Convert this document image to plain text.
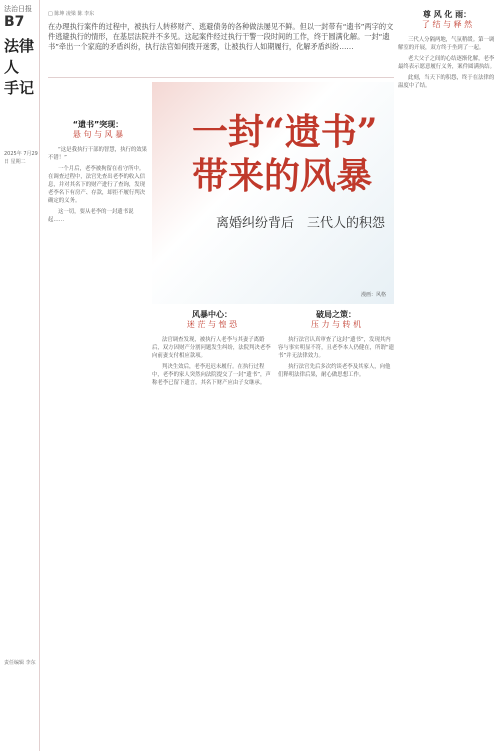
法治日报
B7
法律人
手记
2025年 7月29日 星期二
责任编辑 李东
□ 陈坤 凌梁 陈 李东
在办理执行案件的过程中，被执行人转移财产、逃避债务的各种做法屡见不鲜。但以一封带有“遗书”两字的文件逃避执行的情形，在基层法院并不多见。这起案件经过执行干警一段时间的工作，终于圆满化解。一封“遗书”牵出一个家庭的矛盾纠纷，执行法官如何拨开迷雾，让被执行人如期履行，化解矛盾纠纷……
“遗书”突现：
悬 句 与 风 暴

“这是我执行干部的智慧，执行的效果不错！”

一个月后，老李被拘留在看守所中。在调查过程中，法官先查出老李的收入信息，并对其名下的财产进行了查询，发现老李名下有房产、存款，却拒不履行判决确定的义务。

这一切，要从老李的一封遗书说起……

一封“遗书”
带来的风暴
离婚纠纷背后　三代人的积怨
漫画：风格
风暴中心：
迷 茫 与 惶 恐

法官调查发现，被执行人老李与其妻子离婚后，双方因财产分割问题发生纠纷，法院判决老李向前妻支付相应款项。

判决生效后，老李迟迟未履行。在执行过程中，老李的家人突然向法院提交了一封“遗书”，声称老李已留下遗言，其名下财产应由子女继承。

破局之策：
压 力 与 转 机

执行法官认真审查了这封“遗书”，发现其内容与事实明显不符，且老李本人仍健在，所谓“遗书”并无法律效力。

执行法官先后多次约谈老李及其家人，向他们释明法律后果，耐心做思想工作。

尊 风 化 雨：
了 结 与 释 然

三代人分隔两地，气氛稍缓。第一调解室的开展，双方终于坐到了一起。

老大父子之间的心结逐渐化解，老李最终表示愿意履行义务，案件圆满执结。

此刻，当天下的积怨，终于在法律的温度中了结。
